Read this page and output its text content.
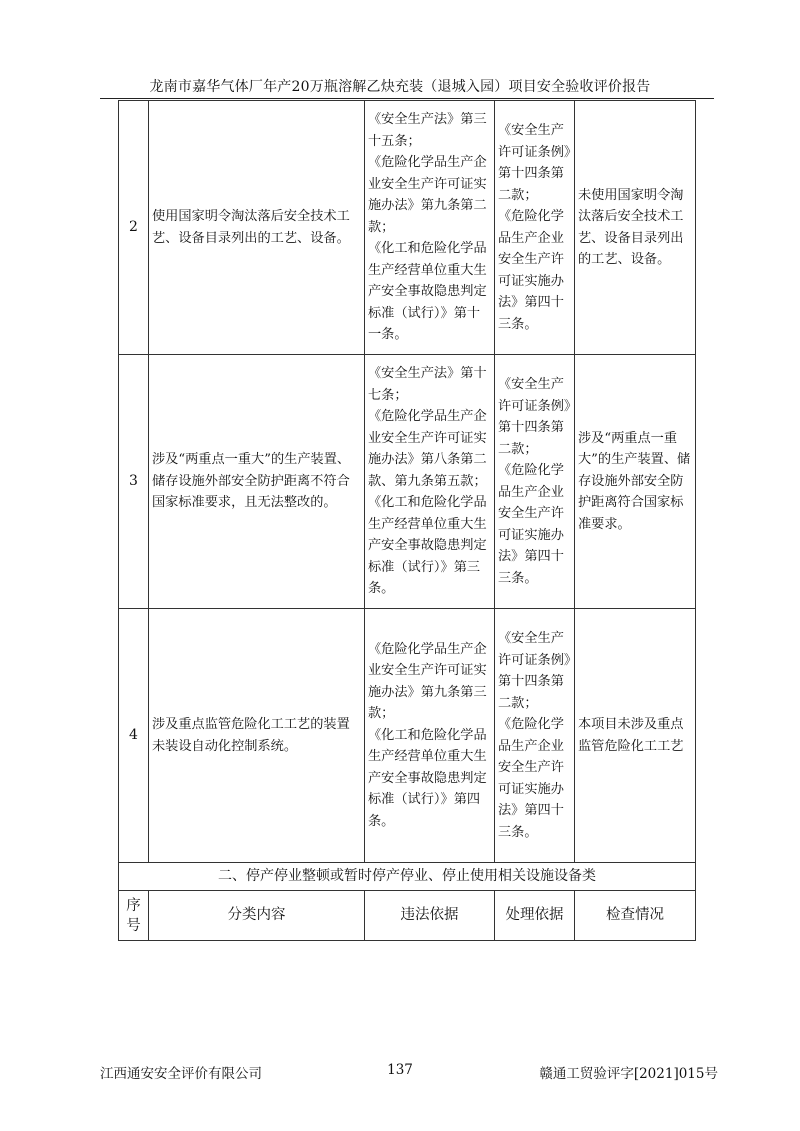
龙南市嘉华气体厂年产20万瓶溶解乙炔充装（退城入园）项目安全验收评价报告
2	使用国家明令淘汰落后安全技术工艺、设备目录列出的工艺、设备。	《安全生产法》第三十五条；
《危险化学品生产企业安全生产许可证实施办法》第九条第二款；
《化工和危险化学品生产经营单位重大生产安全事故隐患判定标准（试行）》第十一条。	《安全生产许可证条例》第十四条第二款；
《危险化学品生产企业安全生产许可证实施办法》第四十三条。	未使用国家明令淘汰落后安全技术工艺、设备目录列出的工艺、设备。
3	涉及“两重点一重大”的生产装置、储存设施外部安全防护距离不符合国家标准要求，且无法整改的。	《安全生产法》第十七条；
《危险化学品生产企业安全生产许可证实施办法》第八条第二款、第九条第五款；
《化工和危险化学品生产经营单位重大生产安全事故隐患判定标准（试行）》第三条。	《安全生产许可证条例》第十四条第二款；
《危险化学品生产企业安全生产许可证实施办法》第四十三条。	涉及“两重点一重大”的生产装置、储存设施外部安全防护距离符合国家标准要求。
4	涉及重点监管危险化工工艺的装置未装设自动化控制系统。	《危险化学品生产企业安全生产许可证实施办法》第九条第三款；
《化工和危险化学品生产经营单位重大生产安全事故隐患判定标准（试行）》第四条。	《安全生产许可证条例》第十四条第二款；
《危险化学品生产企业安全生产许可证实施办法》第四十三条。	本项目未涉及重点监管危险化工工艺
二、停产停业整顿或暂时停产停业、停止使用相关设施设备类				
序
号	分类内容	违法依据	处理依据	检查情况
江西通安安全评价有限公司	137	赣通工贸验评字[2021]015号
